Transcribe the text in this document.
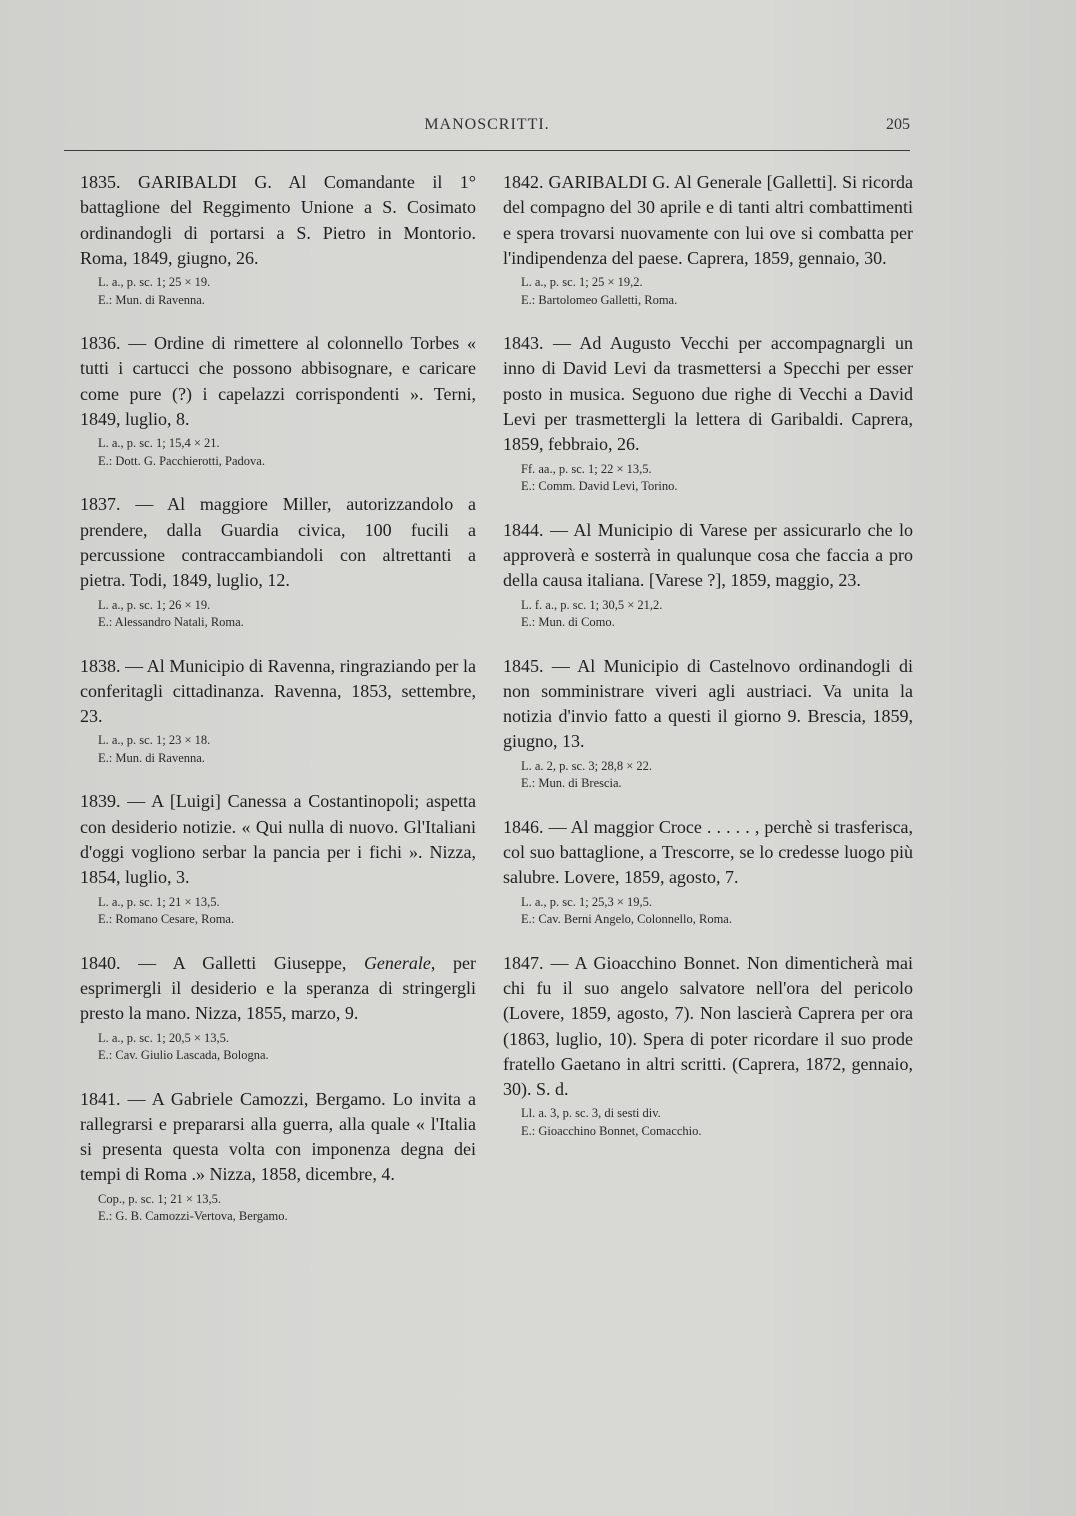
MANOSCRITTI.	205

1835. GARIBALDI G. Al Comandante il 1° battaglione del Reggimento Unione a S. Cosimato ordinandogli di portarsi a S. Pietro in Montorio. Roma, 1849, giugno, 26.

L. a., p. sc. 1; 25 × 19.
E.: Mun. di Ravenna.

1836. — Ordine di rimettere al colonnello Torbes « tutti i cartucci che possono abbisognare, e caricare come pure (?) i capelazzi corrispondenti ». Terni, 1849, luglio, 8.

L. a., p. sc. 1; 15,4 × 21.
E.: Dott. G. Pacchierotti, Padova.

1837. — Al maggiore Miller, autorizzandolo a prendere, dalla Guardia civica, 100 fucili a percussione contraccambiandoli con altrettanti a pietra. Todi, 1849, luglio, 12.

L. a., p. sc. 1; 26 × 19.
E.: Alessandro Natali, Roma.

1838. — Al Municipio di Ravenna, ringraziando per la conferitagli cittadinanza. Ravenna, 1853, settembre, 23.

L. a., p. sc. 1; 23 × 18.
E.: Mun. di Ravenna.

1839. — A [Luigi] Canessa a Costantinopoli; aspetta con desiderio notizie. « Qui nulla di nuovo. Gl'Italiani d'oggi vogliono serbar la pancia per i fichi ». Nizza, 1854, luglio, 3.

L. a., p. sc. 1; 21 × 13,5.
E.: Romano Cesare, Roma.

1840. — A Galletti Giuseppe, Generale, per esprimergli il desiderio e la speranza di stringergli presto la mano. Nizza, 1855, marzo, 9.

L. a., p. sc. 1; 20,5 × 13,5.
E.: Cav. Giulio Lascada, Bologna.

1841. — A Gabriele Camozzi, Bergamo. Lo invita a rallegrarsi e prepararsi alla guerra, alla quale « l'Italia si presenta questa volta con imponenza degna dei tempi di Roma .» Nizza, 1858, dicembre, 4.

Cop., p. sc. 1; 21 × 13,5.
E.: G. B. Camozzi-Vertova, Bergamo.

1842. GARIBALDI G. Al Generale [Galletti]. Si ricorda del compagno del 30 aprile e di tanti altri combattimenti e spera trovarsi nuovamente con lui ove si combatta per l'indipendenza del paese. Caprera, 1859, gennaio, 30.

L. a., p. sc. 1; 25 × 19,2.
E.: Bartolomeo Galletti, Roma.

1843. — Ad Augusto Vecchi per accompagnargli un inno di David Levi da trasmettersi a Specchi per esser posto in musica. Seguono due righe di Vecchi a David Levi per trasmettergli la lettera di Garibaldi. Caprera, 1859, febbraio, 26.

Ff. aa., p. sc. 1; 22 × 13,5.
E.: Comm. David Levi, Torino.

1844. — Al Municipio di Varese per assicurarlo che lo approverà e sosterrà in qualunque cosa che faccia a pro della causa italiana. [Varese ?], 1859, maggio, 23.

L. f. a., p. sc. 1; 30,5 × 21,2.
E.: Mun. di Como.

1845. — Al Municipio di Castelnovo ordinandogli di non somministrare viveri agli austriaci. Va unita la notizia d'invio fatto a questi il giorno 9. Brescia, 1859, giugno, 13.

L. a. 2, p. sc. 3; 28,8 × 22.
E.: Mun. di Brescia.

1846. — Al maggior Croce . . . . . , perchè si trasferisca, col suo battaglione, a Trescorre, se lo credesse luogo più salubre. Lovere, 1859, agosto, 7.

L. a., p. sc. 1; 25,3 × 19,5.
E.: Cav. Berni Angelo, Colonnello, Roma.

1847. — A Gioacchino Bonnet. Non dimenticherà mai chi fu il suo angelo salvatore nell'ora del pericolo (Lovere, 1859, agosto, 7). Non lascierà Caprera per ora (1863, luglio, 10). Spera di poter ricordare il suo prode fratello Gaetano in altri scritti. (Caprera, 1872, gennaio, 30). S. d.

Ll. a. 3, p. sc. 3, di sesti div.
E.: Gioacchino Bonnet, Comacchio.
